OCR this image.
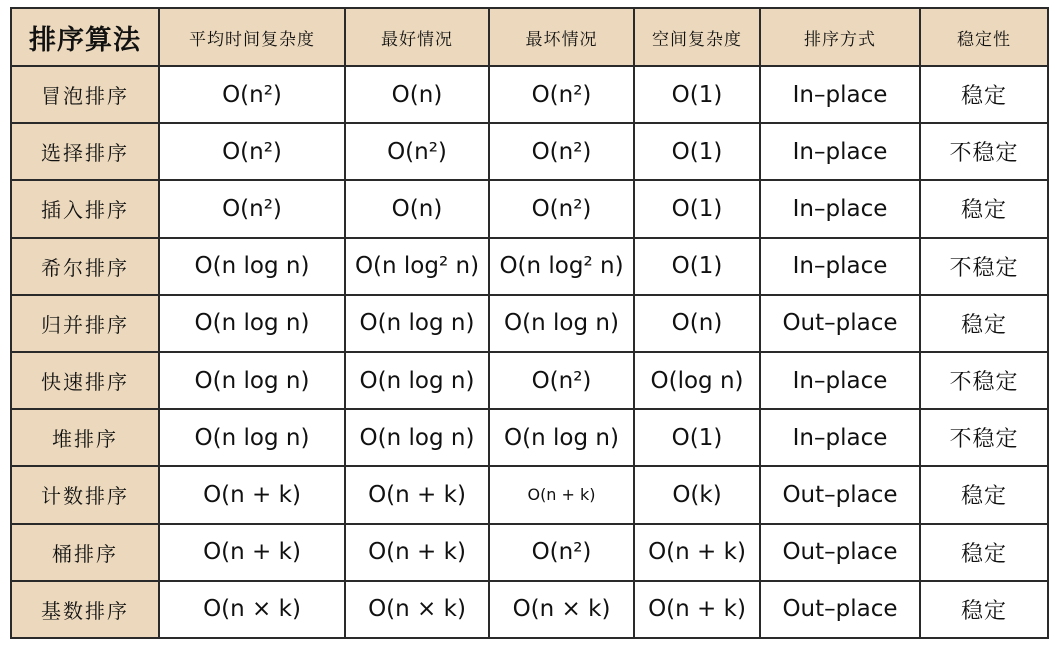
排序算法	平均时间复杂度	最好情况	最坏情况	空间复杂度	排序方式	稳定性
冒泡排序	O(n²)	O(n)	O(n²)	O(1)	In–place	稳定
选择排序	O(n²)	O(n²)	O(n²)	O(1)	In–place	不稳定
插入排序	O(n²)	O(n)	O(n²)	O(1)	In–place	稳定
希尔排序	O(n log n)	O(n log² n)	O(n log² n)	O(1)	In–place	不稳定
归并排序	O(n log n)	O(n log n)	O(n log n)	O(n)	Out–place	稳定
快速排序	O(n log n)	O(n log n)	O(n²)	O(log n)	In–place	不稳定
堆排序	O(n log n)	O(n log n)	O(n log n)	O(1)	In–place	不稳定
计数排序	O(n + k)	O(n + k)	O(n + k)	O(k)	Out–place	稳定
桶排序	O(n + k)	O(n + k)	O(n²)	O(n + k)	Out–place	稳定
基数排序	O(n × k)	O(n × k)	O(n × k)	O(n + k)	Out–place	稳定
